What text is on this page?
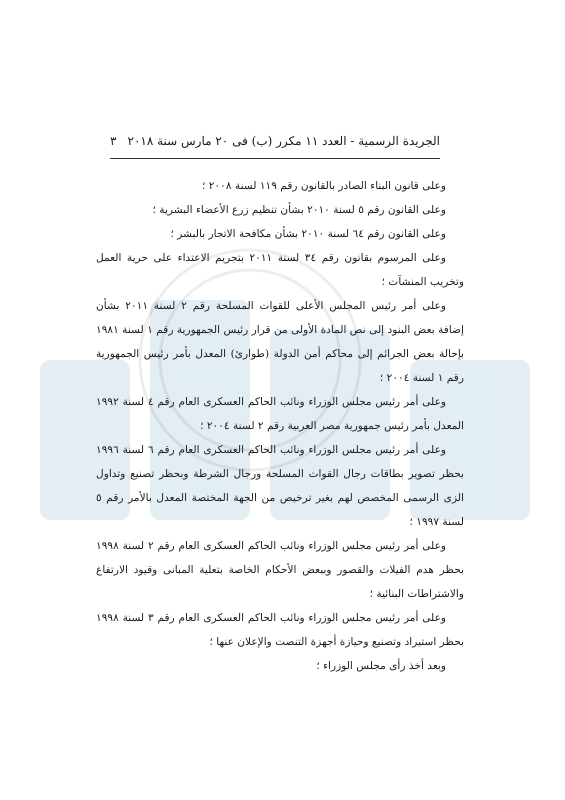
الجريدة الرسمية - العدد ١١ مكرر (ب) فى ٢٠ مارس سنة ٢٠١٨
٣

وعلى قانون البناء الصادر بالقانون رقم ١١٩ لسنة ٢٠٠٨ ؛

وعلى القانون رقم ٥ لسنة ٢٠١٠ بشأن تنظيم زرع الأعضاء البشرية ؛

وعلى القانون رقم ٦٤ لسنة ٢٠١٠ بشأن مكافحة الاتجار بالبشر ؛

وعلى المرسوم بقانون رقم ٣٤ لسنة ٢٠١١ بتجريم الاعتداء على حرية العمل وتخريب المنشآت ؛

وعلى أمر رئيس المجلس الأعلى للقوات المسلحة رقم ٢ لسنة ٢٠١١ بشأن إضافة بعض البنود إلى نص المادة الأولى من قرار رئيس الجمهورية رقم ١ لسنة ١٩٨١ بإحالة بعض الجرائم إلى محاكم أمن الدولة (طوارئ) المعدل بأمر رئيس الجمهورية رقم ١ لسنة ٢٠٠٤ ؛

وعلى أمر رئيس مجلس الوزراء ونائب الحاكم العسكرى العام رقم ٤ لسنة ١٩٩٢ المعدل بأمر رئيس جمهورية مصر العربية رقم ٢ لسنة ٢٠٠٤ ؛

وعلى أمر رئيس مجلس الوزراء ونائب الحاكم العسكرى العام رقم ٦ لسنة ١٩٩٦ بحظر تصوير بطاقات رجال القوات المسلحة ورجال الشرطة وبحظر تصنيع وتداول الزى الرسمى المخصص لهم بغير ترخيص من الجهة المختصة المعدل بالأمر رقم ٥ لسنة ١٩٩٧ ؛

وعلى أمر رئيس مجلس الوزراء ونائب الحاكم العسكرى العام رقم ٢ لسنة ١٩٩٨ بحظر هدم الفيلات والقصور وببعض الأحكام الخاصة بتعلية المبانى وقيود الارتفاع والاشتراطات البنائية ؛

وعلى أمر رئيس مجلس الوزراء ونائب الحاكم العسكرى العام رقم ٣ لسنة ١٩٩٨ بحظر استيراد وتصنيع وحيازة أجهزة التنصت والإعلان عنها ؛

وبعد أخذ رأى مجلس الوزراء ؛
